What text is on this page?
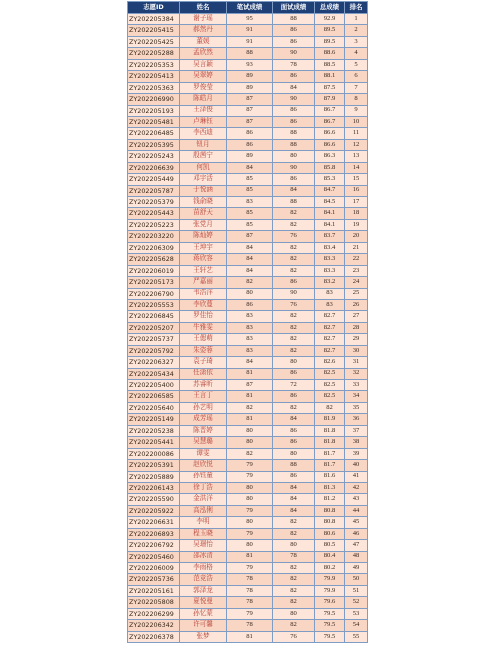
志愿ID	姓名	笔试成绩	面试成绩	总成绩	排名
ZY202205384	谢子瑶	95	88	92.9	1
ZY202205415	郝然丹	91	86	89.5	2
ZY202205425	董媛	91	86	89.5	3
ZY202205288	孟欣然	88	90	88.6	4
ZY202205353	吴言颖	93	78	88.5	5
ZY202205413	吴翠婷	89	86	88.1	6
ZY202205363	罗俊莹	89	84	87.5	7
ZY202206990	陈皓月	87	90	87.9	8
ZY202205193	王泽俊	87	86	86.7	9
ZY202205481	卢琳钰	87	86	86.7	10
ZY202206485	李西迪	86	88	86.6	11
ZY202205395	钮月	86	88	86.6	12
ZY202205243	殷茜宁	89	80	86.3	13
ZY202206639	何凯	84	90	85.8	14
ZY202205449	邓宇活	85	86	85.3	15
ZY202205787	于悦涵	85	84	84.7	16
ZY202205379	钱俞晓	83	88	84.5	17
ZY202205443	苗舒天	85	82	84.1	18
ZY202205223	张党月	85	82	84.1	19
ZY202203220	陈灿婷	87	76	83.7	20
ZY202206309	王坤宇	84	82	83.4	21
ZY202205628	蒋欣容	84	82	83.3	22
ZY202206019	王轩艺	84	82	83.3	23
ZY202205173	严嘉丽	82	86	83.2	24
ZY202206790	韦浩洋	80	90	83	25
ZY202205553	李欣蔓	86	76	83	26
ZY202206845	罗佳怡	83	82	82.7	27
ZY202205207	牛雅雯	83	82	82.7	28
ZY202205737	王偲萌	83	82	82.7	29
ZY202205792	朱姿蓉	83	82	82.7	30
ZY202206327	袁子琦	84	80	82.6	31
ZY202205434	任潇依	81	86	82.5	32
ZY202205400	苏睿昕	87	72	82.5	33
ZY202206585	王言丁	81	86	82.5	34
ZY202205640	孙艺明	82	82	82	35
ZY202205149	成芳瑶	81	84	81.9	36
ZY202205238	陈晋婷	80	86	81.8	37
ZY202205441	吴慧璐	80	86	81.8	38
ZY202200086	谭雯	82	80	81.7	39
ZY202205391	赵欣悦	79	88	81.7	40
ZY202205889	孙钰童	79	86	81.6	41
ZY202206143	徐丁浩	80	84	81.3	42
ZY202205590	金洪洋	80	84	81.2	43
ZY202205922	高泓俐	79	84	80.8	44
ZY202206631	李明	80	82	80.8	45
ZY202206893	程玉晓	79	82	80.6	46
ZY202206792	吴璟怡	80	80	80.5	47
ZY202205460	邵冰清	81	78	80.4	48
ZY202206009	李雨格	79	82	80.2	49
ZY202205736	范竞浩	78	82	79.9	50
ZY202205161	郭泽龙	78	82	79.9	51
ZY202205808	夏悦曼	78	82	79.6	52
ZY202206299	孙忆蒙	79	80	79.5	53
ZY202206342	许可馨	78	82	79.5	54
ZY202206378	张梦	81	76	79.5	55
